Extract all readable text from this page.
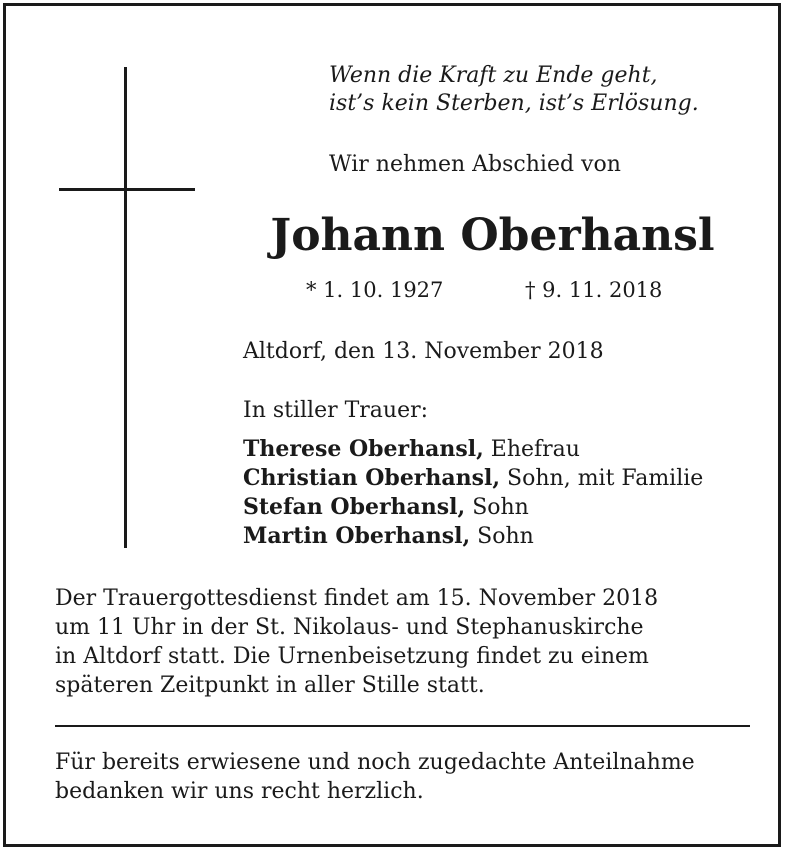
Wenn die Kraft zu Ende geht,
ist’s kein Sterben, ist’s Erlösung.
Wir nehmen Abschied von
Johann Oberhansl
* 1. 10. 1927	† 9. 11. 2018
Altdorf, den 13. November 2018
In stiller Trauer:
Therese Oberhansl, Ehefrau
Christian Oberhansl, Sohn, mit Familie
Stefan Oberhansl, Sohn
Martin Oberhansl, Sohn
Der Trauergottesdienst findet am 15. November 2018
um 11 Uhr in der St. Nikolaus- und Stephanuskirche
in Altdorf statt. Die Urnenbeisetzung findet zu einem
späteren Zeitpunkt in aller Stille statt.
Für bereits erwiesene und noch zugedachte Anteilnahme
bedanken wir uns recht herzlich.
